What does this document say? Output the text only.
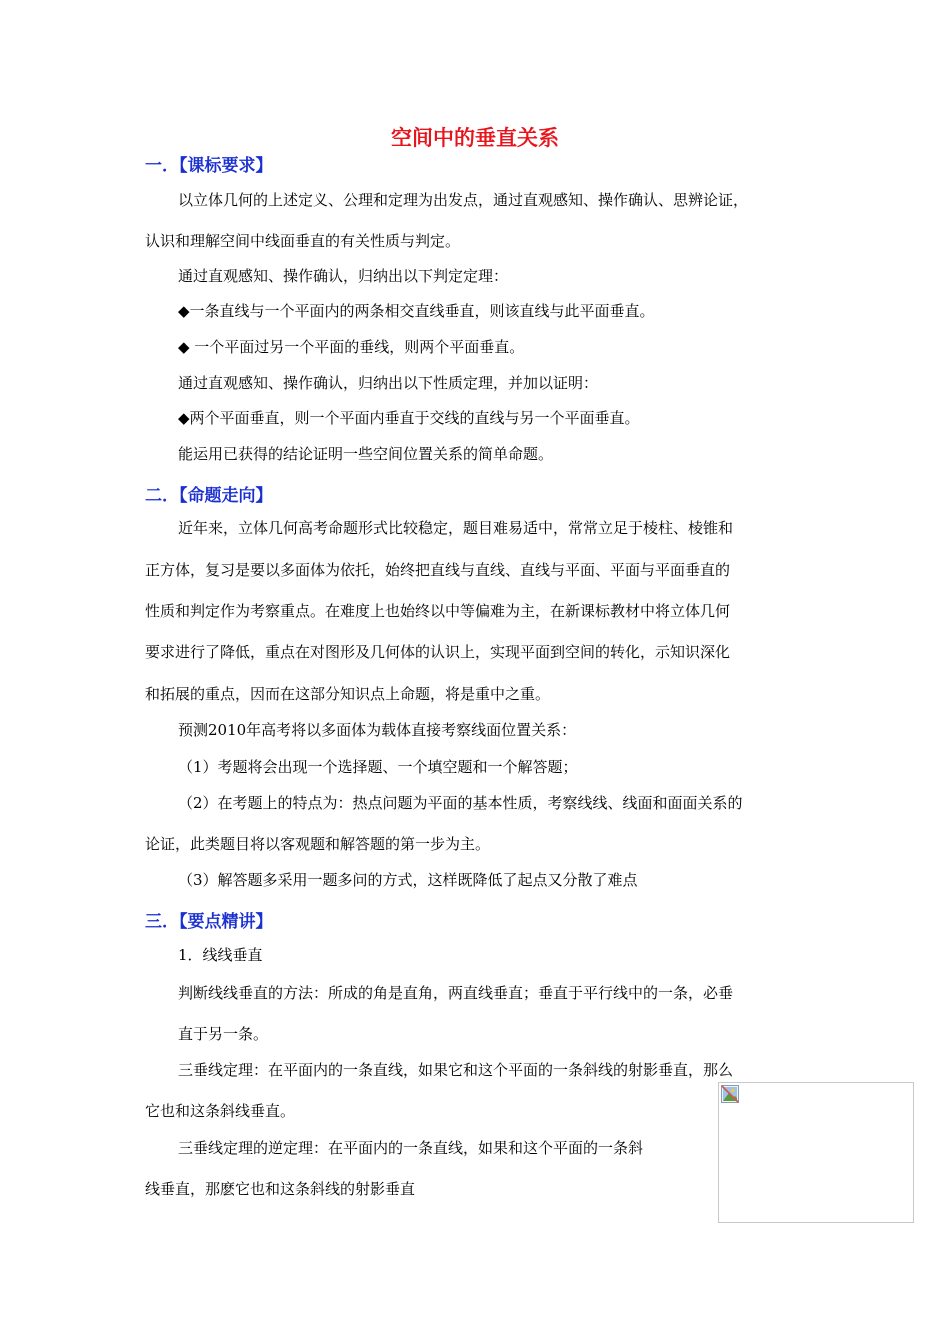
空间中的垂直关系
一．【课标要求】
以立体几何的上述定义、公理和定理为出发点，通过直观感知、操作确认、思辨论证，
认识和理解空间中线面垂直的有关性质与判定。
通过直观感知、操作确认，归纳出以下判定定理：
◆一条直线与一个平面内的两条相交直线垂直，则该直线与此平面垂直。
◆ 一个平面过另一个平面的垂线，则两个平面垂直。
通过直观感知、操作确认，归纳出以下性质定理，并加以证明：
◆两个平面垂直，则一个平面内垂直于交线的直线与另一个平面垂直。
能运用已获得的结论证明一些空间位置关系的简单命题。
二．【命题走向】
近年来，立体几何高考命题形式比较稳定，题目难易适中，常常立足于棱柱、棱锥和
正方体，复习是要以多面体为依托，始终把直线与直线、直线与平面、平面与平面垂直的
性质和判定作为考察重点。在难度上也始终以中等偏难为主，在新课标教材中将立体几何
要求进行了降低，重点在对图形及几何体的认识上，实现平面到空间的转化，示知识深化
和拓展的重点，因而在这部分知识点上命题，将是重中之重。
预测2010年高考将以多面体为载体直接考察线面位置关系：
（1）考题将会出现一个选择题、一个填空题和一个解答题；
（2）在考题上的特点为：热点问题为平面的基本性质，考察线线、线面和面面关系的
论证，此类题目将以客观题和解答题的第一步为主。
（3）解答题多采用一题多问的方式，这样既降低了起点又分散了难点
三．【要点精讲】
1．线线垂直
判断线线垂直的方法：所成的角是直角，两直线垂直；垂直于平行线中的一条，必垂
直于另一条。
三垂线定理：在平面内的一条直线，如果它和这个平面的一条斜线的射影垂直，那么
它也和这条斜线垂直。
三垂线定理的逆定理：在平面内的一条直线，如果和这个平面的一条斜
线垂直，那麽它也和这条斜线的射影垂直
